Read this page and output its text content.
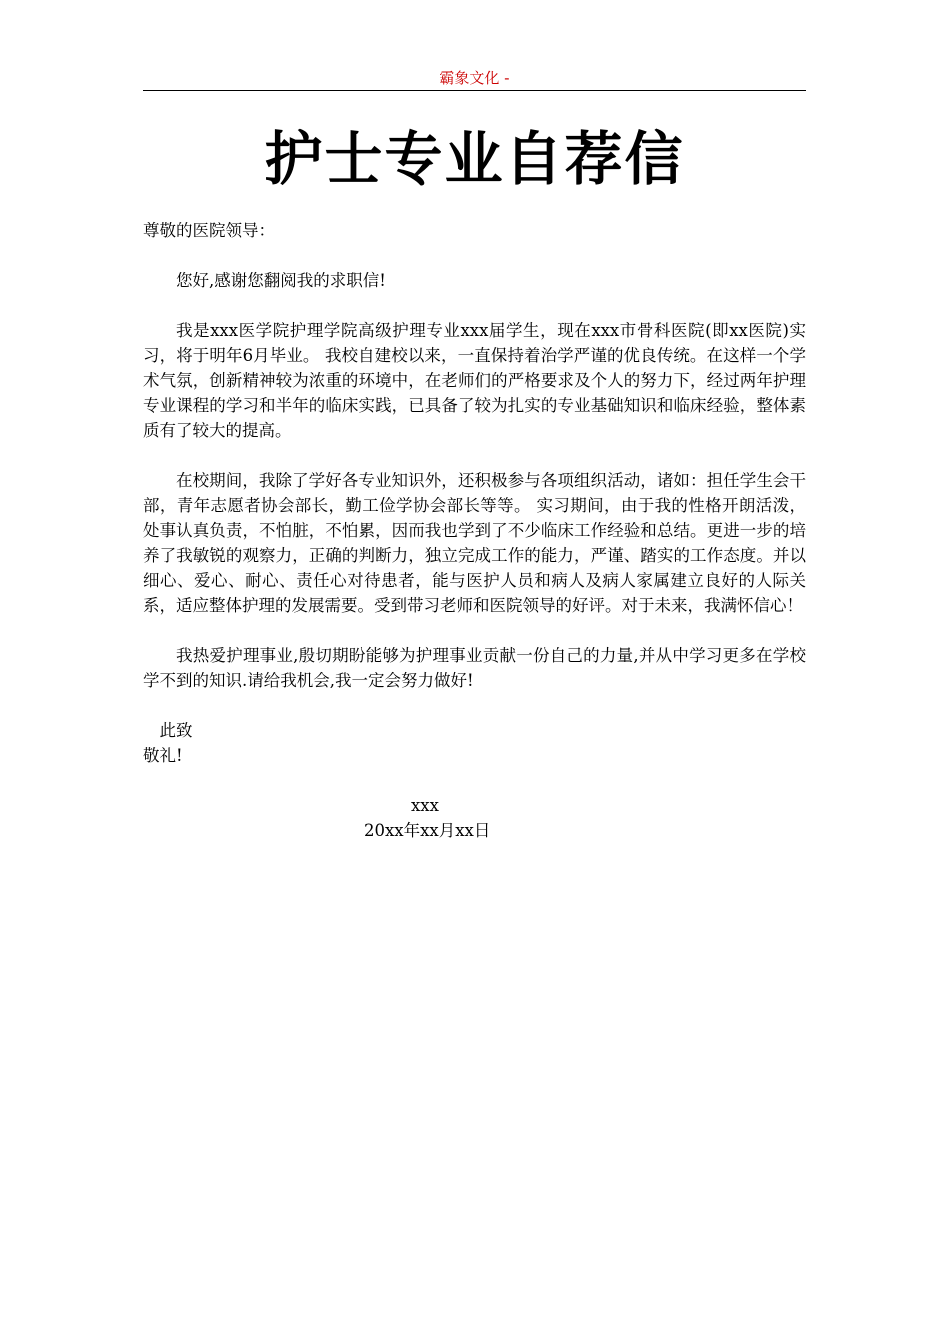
霸象文化 -
护士专业自荐信

尊敬的医院领导：

您好,感谢您翻阅我的求职信!

我是xxx医学院护理学院高级护理专业xxx届学生，现在xxx市骨科医院(即xx医院)实习，将于明年6月毕业。 我校自建校以来，一直保持着治学严谨的优良传统。在这样一个学术气氛，创新精神较为浓重的环境中，在老师们的严格要求及个人的努力下，经过两年护理专业课程的学习和半年的临床实践，已具备了较为扎实的专业基础知识和临床经验，整体素质有了较大的提高。

在校期间，我除了学好各专业知识外，还积极参与各项组织活动，诸如：担任学生会干部，青年志愿者协会部长，勤工俭学协会部长等等。 实习期间，由于我的性格开朗活泼，处事认真负责，不怕脏，不怕累，因而我也学到了不少临床工作经验和总结。更进一步的培养了我敏锐的观察力，正确的判断力，独立完成工作的能力，严谨、踏实的工作态度。并以细心、爱心、耐心、责任心对待患者，能与医护人员和病人及病人家属建立良好的人际关系，适应整体护理的发展需要。受到带习老师和医院领导的好评。对于未来，我满怀信心！

我热爱护理事业,殷切期盼能够为护理事业贡献一份自己的力量,并从中学习更多在学校学不到的知识.请给我机会,我一定会努力做好!

此致

敬礼!

xxx

20xx年xx月xx日
